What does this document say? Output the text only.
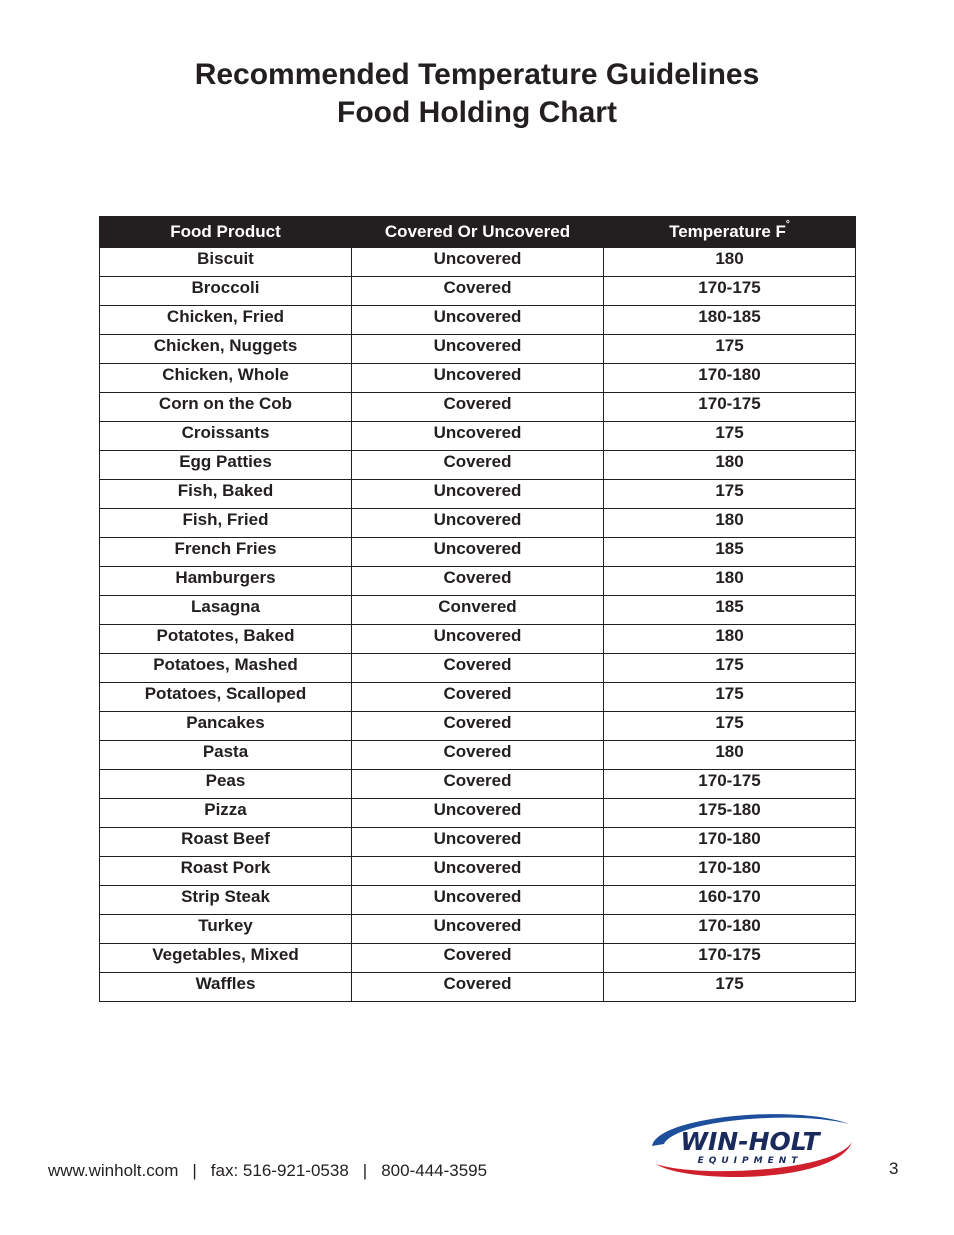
Recommended Temperature Guidelines
Food Holding Chart
Food Product	Covered Or Uncovered	Temperature F°
Biscuit	Uncovered	180
Broccoli	Covered	170-175
Chicken, Fried	Uncovered	180-185
Chicken, Nuggets	Uncovered	175
Chicken, Whole	Uncovered	170-180
Corn on the Cob	Covered	170-175
Croissants	Uncovered	175
Egg Patties	Covered	180
Fish, Baked	Uncovered	175
Fish, Fried	Uncovered	180
French Fries	Uncovered	185
Hamburgers	Covered	180
Lasagna	Convered	185
Potatotes, Baked	Uncovered	180
Potatoes, Mashed	Covered	175
Potatoes, Scalloped	Covered	175
Pancakes	Covered	175
Pasta	Covered	180
Peas	Covered	170-175
Pizza	Uncovered	175-180
Roast Beef	Uncovered	170-180
Roast Pork	Uncovered	170-180
Strip Steak	Uncovered	160-170
Turkey	Uncovered	170-180
Vegetables, Mixed	Covered	170-175
Waffles	Covered	175
www.winholt.com | fax: 516-921-0538 | 800-444-3595
WIN-HOLT
EQUIPMENT	3
